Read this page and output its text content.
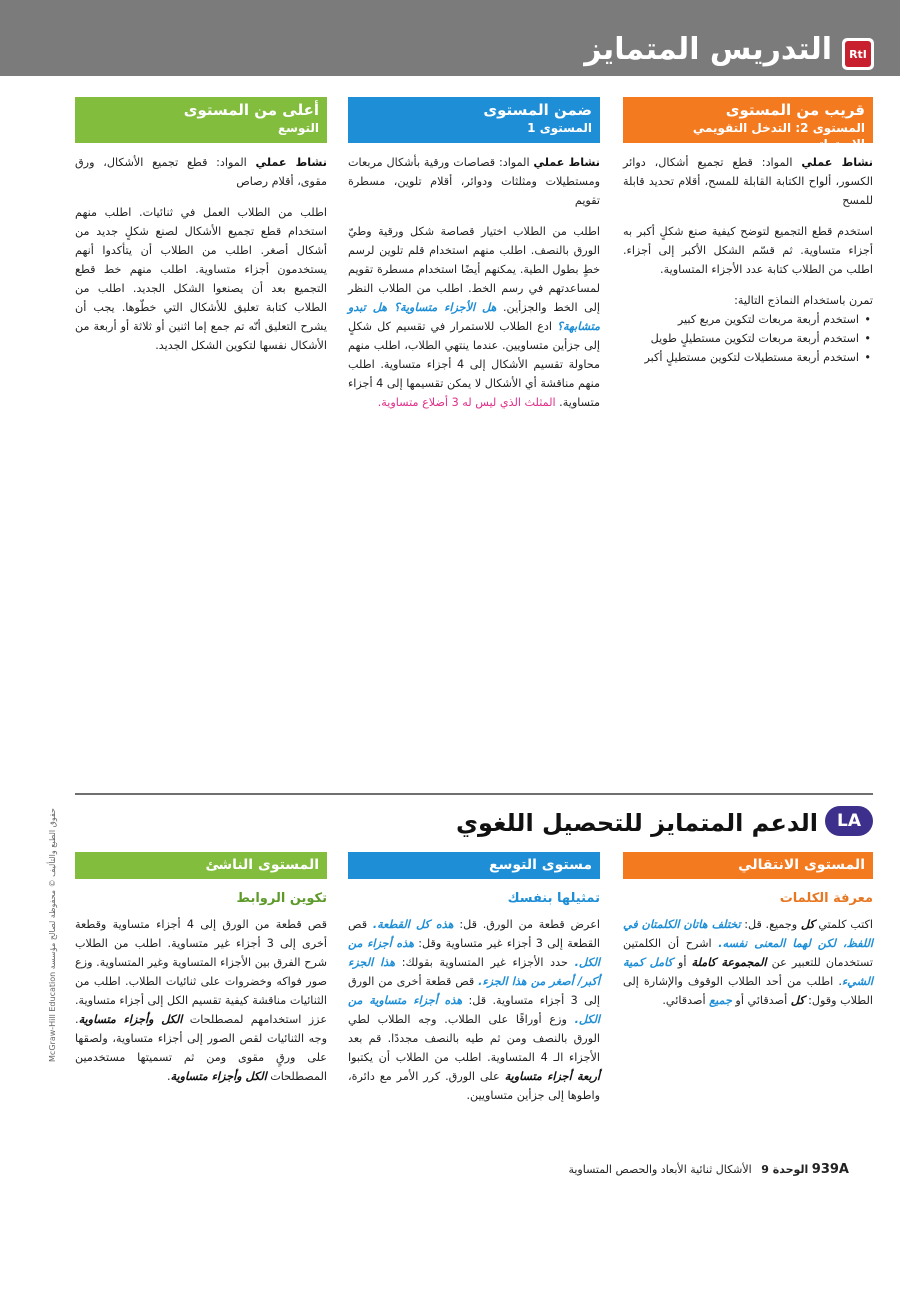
التدريس المتمايز	RtI
قريب من المستوى
المستوى 2: التدخل التقويمي الإستراتيجي

نشاط عملي المواد: قطع تجميع أشكال، دوائر الكسور، ألواح الكتابة القابلة للمسح، أقلام تحديد قابلة للمسح

استخدم قطع التجميع لتوضح كيفية صنع شكلٍ أكبر به أجزاء متساوية. ثم قسّم الشكل الأكبر إلى أجزاء. اطلب من الطلاب كتابة عدد الأجزاء المتساوية.

تمرن باستخدام النماذج التالية:
• استخدم أربعة مربعات لتكوين مربع كبير
• استخدم أربعة مربعات لتكوين مستطيلٍ طويل
• استخدم أربعة مستطيلات لتكوين مستطيلٍ أكبر
ضمن المستوى
المستوى 1

نشاط عملي المواد: قصاصات ورقية بأشكال مربعات ومستطيلات ومثلثات ودوائر، أقلام تلوين، مسطرة تقويم

اطلب من الطلاب اختيار قصاصة شكل ورقية وطيّ الورق بالنصف. اطلب منهم استخدام قلم تلوين لرسم خطٍ بطول الطية. يمكنهم أيضًا استخدام مسطرة تقويم لمساعدتهم في رسم الخط. اطلب من الطلاب النظر إلى الخط والجزأين. هل الأجزاء متساوية؟ هل تبدو متشابهة؟ ادع الطلاب للاستمرار في تقسيم كل شكلٍ إلى جزأين متساويين. عندما ينتهي الطلاب، اطلب منهم محاولة تقسيم الأشكال إلى 4 أجزاء متساوية. اطلب منهم مناقشة أي الأشكال لا يمكن تقسيمها إلى 4 أجزاء متساوية. المثلث الذي ليس له 3 أضلاع متساوية.

أعلى من المستوى
التوسع

نشاط عملي المواد: قطع تجميع الأشكال، ورق مقوى، أقلام رصاص

اطلب من الطلاب العمل في ثنائيات. اطلب منهم استخدام قطع تجميع الأشكال لصنع شكلٍ جديد من أشكال أصغر. اطلب من الطلاب أن يتأكدوا أنهم يستخدمون أجزاء متساوية. اطلب منهم خط قطع التجميع بعد أن يصنعوا الشكل الجديد. اطلب من الطلاب كتابة تعليق للأشكال التي خطّوها. يجب أن يشرح التعليق أنّه تم جمع إما اثنين أو ثلاثة أو أربعة من الأشكال نفسها لتكوين الشكل الجديد.

الدعم المتمايز للتحصيل اللغوي	LA
المستوى الانتقالي
معرفة الكلمات

اكتب كلمتي كل وجميع. قل: تختلف هاتان الكلمتان في اللفظ، لكن لهما المعنى نفسه. اشرح أن الكلمتين تستخدمان للتعبير عن المجموعة كاملة أو كامل كمية الشيء. اطلب من أحد الطلاب الوقوف والإشارة إلى الطلاب وقول: كل أصدقائي أو جميع أصدقائي.

مستوى التوسع
تمثيلها بنفسك

اعرض قطعة من الورق. قل: هذه كل القطعة. قص القطعة إلى 3 أجزاء غير متساوية وقل: هذه أجزاء من الكل. حدد الأجزاء غير المتساوية بقولك: هذا الجزء أكبر/ أصغر من هذا الجزء. قص قطعة أخرى من الورق إلى 3 أجزاء متساوية. قل: هذه أجزاء متساوية من الكل. وزع أوراقًا على الطلاب. وجه الطلاب لطي الورق بالنصف ومن ثم طيه بالنصف مجددًا. قم بعد الأجزاء الـ 4 المتساوية. اطلب من الطلاب أن يكتبوا أربعة أجزاء متساوية على الورق. كرر الأمر مع دائرة، واطوها إلى جزأين متساويين.

المستوى الناشئ
تكوين الروابط

قص قطعة من الورق إلى 4 أجزاء متساوية وقطعة أخرى إلى 3 أجزاء غير متساوية. اطلب من الطلاب شرح الفرق بين الأجزاء المتساوية وغير المتساوية. وزع صور فواكه وخضروات على ثنائيات الطلاب. اطلب من الثنائيات مناقشة كيفية تقسيم الكل إلى أجزاء متساوية. عزز استخدامهم لمصطلحات الكل وأجزاء متساوية. وجه الثنائيات لقص الصور إلى أجزاء متساوية، ولصقها على ورقٍ مقوى ومن ثم تسميتها مستخدمين المصطلحات الكل وأجزاء متساوية.

حقوق الطبع والتأليف © محفوظة لصالح مؤسسة McGraw-Hill Education
939A الوحدة 9 الأشكال ثنائية الأبعاد والحصص المتساوية
